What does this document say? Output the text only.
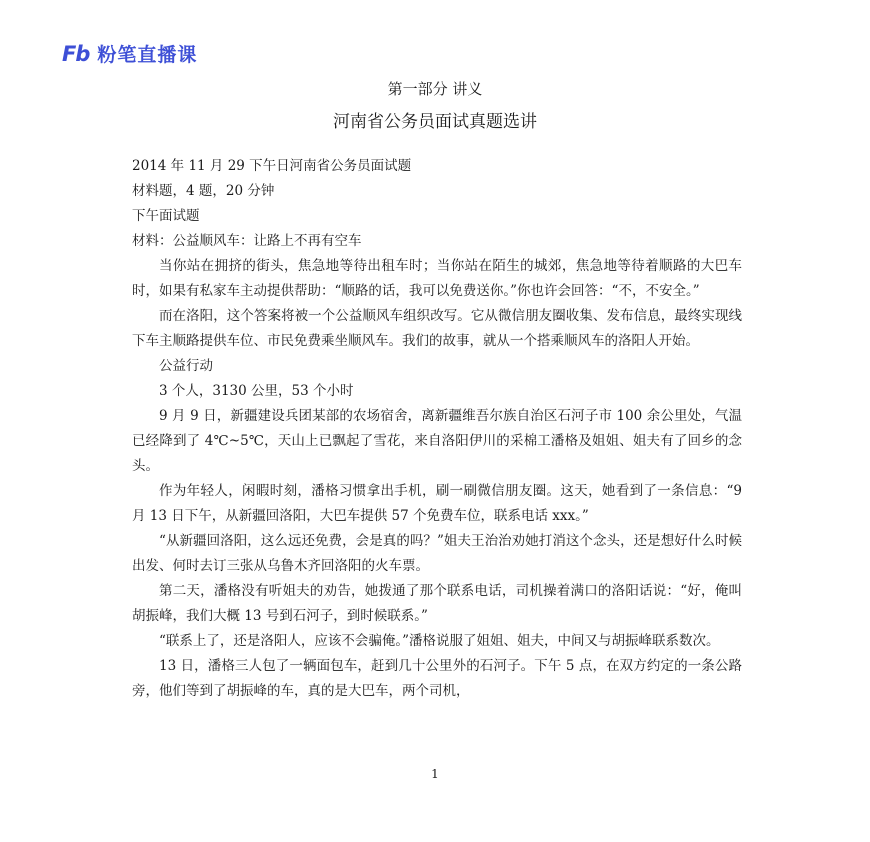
Fb 粉笔直播课
第一部分 讲义
河南省公务员面试真题选讲
2014 年 11 月 29 下午日河南省公务员面试题
材料题，4 题，20 分钟
下午面试题
材料：公益顺风车：让路上不再有空车

当你站在拥挤的街头，焦急地等待出租车时；当你站在陌生的城郊，焦急地等待着顺路的大巴车时，如果有私家车主动提供帮助：“顺路的话，我可以免费送你。”你也许会回答：“不，不安全。”

而在洛阳，这个答案将被一个公益顺风车组织改写。它从微信朋友圈收集、发布信息，最终实现线下车主顺路提供车位、市民免费乘坐顺风车。我们的故事，就从一个搭乘顺风车的洛阳人开始。

公益行动
3 个人，3130 公里，53 个小时

9 月 9 日，新疆建设兵团某部的农场宿舍，离新疆维吾尔族自治区石河子市 100 余公里处，气温已经降到了 4℃~5℃，天山上已飘起了雪花，来自洛阳伊川的采棉工潘格及姐姐、姐夫有了回乡的念头。

作为年轻人，闲暇时刻，潘格习惯拿出手机，刷一刷微信朋友圈。这天，她看到了一条信息：“9 月 13 日下午，从新疆回洛阳，大巴车提供 57 个免费车位，联系电话 xxx。”

“从新疆回洛阳，这么远还免费，会是真的吗？”姐夫王治治劝她打消这个念头，还是想好什么时候出发、何时去订三张从乌鲁木齐回洛阳的火车票。

第二天，潘格没有听姐夫的劝告，她拨通了那个联系电话，司机操着满口的洛阳话说：“好，俺叫胡振峰，我们大概 13 号到石河子，到时候联系。”

“联系上了，还是洛阳人，应该不会骗俺。”潘格说服了姐姐、姐夫，中间又与胡振峰联系数次。

13 日，潘格三人包了一辆面包车，赶到几十公里外的石河子。下午 5 点，在双方约定的一条公路旁，他们等到了胡振峰的车，真的是大巴车，两个司机，

1
